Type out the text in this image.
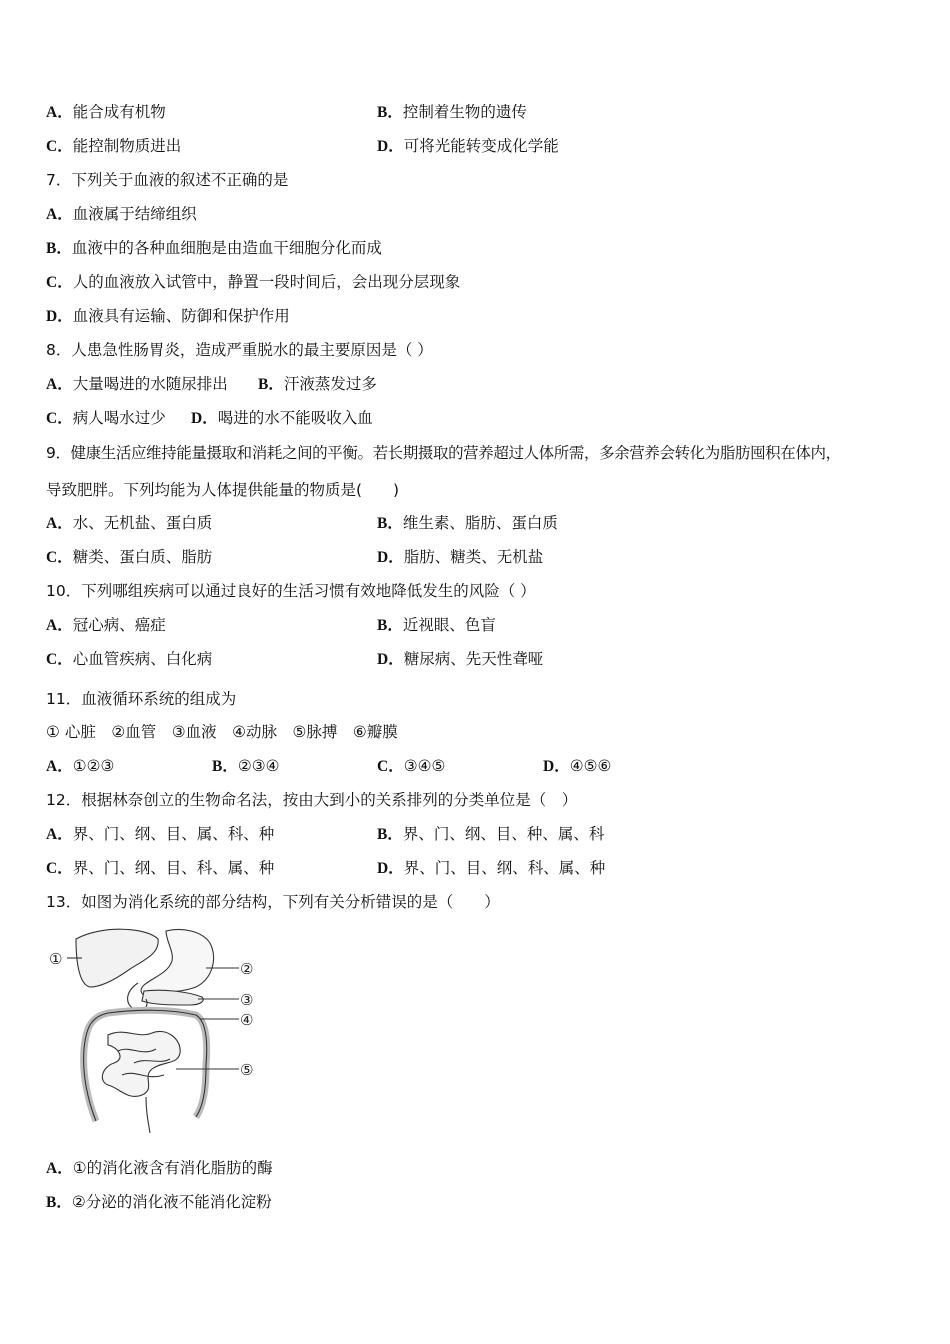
A．能合成有机物	B．控制着生物的遗传
C．能控制物质进出	D．可将光能转变成化学能
7．下列关于血液的叙述不正确的是
A．血液属于结缔组织
B．血液中的各种血细胞是由造血干细胞分化而成
C．人的血液放入试管中，静置一段时间后，会出现分层现象
D．血液具有运输、防御和保护作用
8．人患急性肠胃炎，造成严重脱水的最主要原因是（ ）
A．大量喝进的水随尿排出 B．汗液蒸发过多
C．病人喝水过少 D．喝进的水不能吸收入血
9．健康生活应维持能量摄取和消耗之间的平衡。若长期摄取的营养超过人体所需，多余营养会转化为脂肪囤积在体内，
导致肥胖。下列均能为人体提供能量的物质是(　　)
A．水、无机盐、蛋白质	B．维生素、脂肪、蛋白质
C．糖类、蛋白质、脂肪	D．脂肪、糖类、无机盐
10．下列哪组疾病可以通过良好的生活习惯有效地降低发生的风险（ ）
A．冠心病、癌症	B．近视眼、色盲
C．心血管疾病、白化病	D．糖尿病、先天性聋哑
11．血液循环系统的组成为
① 心脏　②血管　③血液　④动脉　⑤脉搏　⑥瓣膜
A．①②③	B．②③④	C．③④⑤	D．④⑤⑥
12．根据林奈创立的生物命名法，按由大到小的关系排列的分类单位是（　）
A．界、门、纲、目、属、科、种	B．界、门、纲、目、种、属、科
C．界、门、纲、目、科、属、种	D．界、门、目、纲、科、属、种
13．如图为消化系统的部分结构，下列有关分析错误的是（　　）
①
②
③
④
⑤
A．①的消化液含有消化脂肪的酶
B．②分泌的消化液不能消化淀粉
